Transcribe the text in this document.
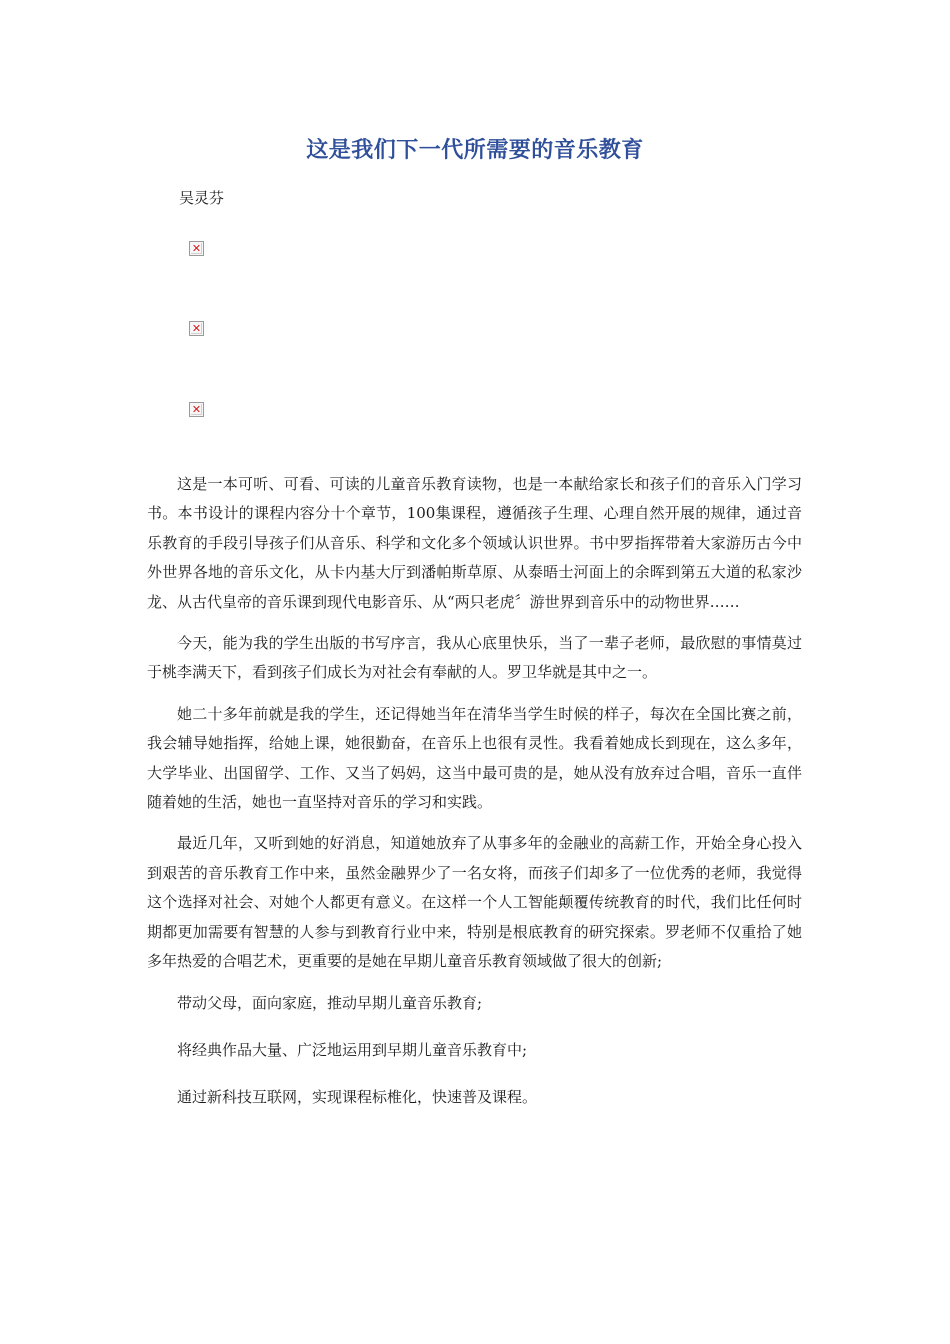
这是我们下一代所需要的音乐教育
吴灵芬
✕
✕
✕

这是一本可听、可看、可读的儿童音乐教育读物，也是一本献给家长和孩子们的音乐入门学习书。本书设计的课程内容分十个章节，100集课程，遵循孩子生理、心理自然开展的规律，通过音乐教育的手段引导孩子们从音乐、科学和文化多个领域认识世界。书中罗指挥带着大家游历古今中外世界各地的音乐文化，从卡内基大厅到潘帕斯草原、从泰晤士河面上的余晖到第五大道的私家沙龙、从古代皇帝的音乐课到现代电影音乐、从“两只老虎〞游世界到音乐中的动物世界……

今天，能为我的学生出版的书写序言，我从心底里快乐，当了一辈子老师，最欣慰的事情莫过于桃李满天下，看到孩子们成长为对社会有奉献的人。罗卫华就是其中之一。

她二十多年前就是我的学生，还记得她当年在清华当学生时候的样子，每次在全国比赛之前，我会辅导她指挥，给她上课，她很勤奋，在音乐上也很有灵性。我看着她成长到现在，这么多年，大学毕业、出国留学、工作、又当了妈妈，这当中最可贵的是，她从没有放弃过合唱，音乐一直伴随着她的生活，她也一直坚持对音乐的学习和实践。

最近几年，又听到她的好消息，知道她放弃了从事多年的金融业的高薪工作，开始全身心投入到艰苦的音乐教育工作中来，虽然金融界少了一名女将，而孩子们却多了一位优秀的老师，我觉得这个选择对社会、对她个人都更有意义。在这样一个人工智能颠覆传统教育的时代，我们比任何时期都更加需要有智慧的人参与到教育行业中来，特别是根底教育的研究探索。罗老师不仅重拾了她多年热爱的合唱艺术，更重要的是她在早期儿童音乐教育领域做了很大的创新;

带动父母，面向家庭，推动早期儿童音乐教育;

将经典作品大量、广泛地运用到早期儿童音乐教育中;

通过新科技互联网，实现课程标椎化，快速普及课程。
